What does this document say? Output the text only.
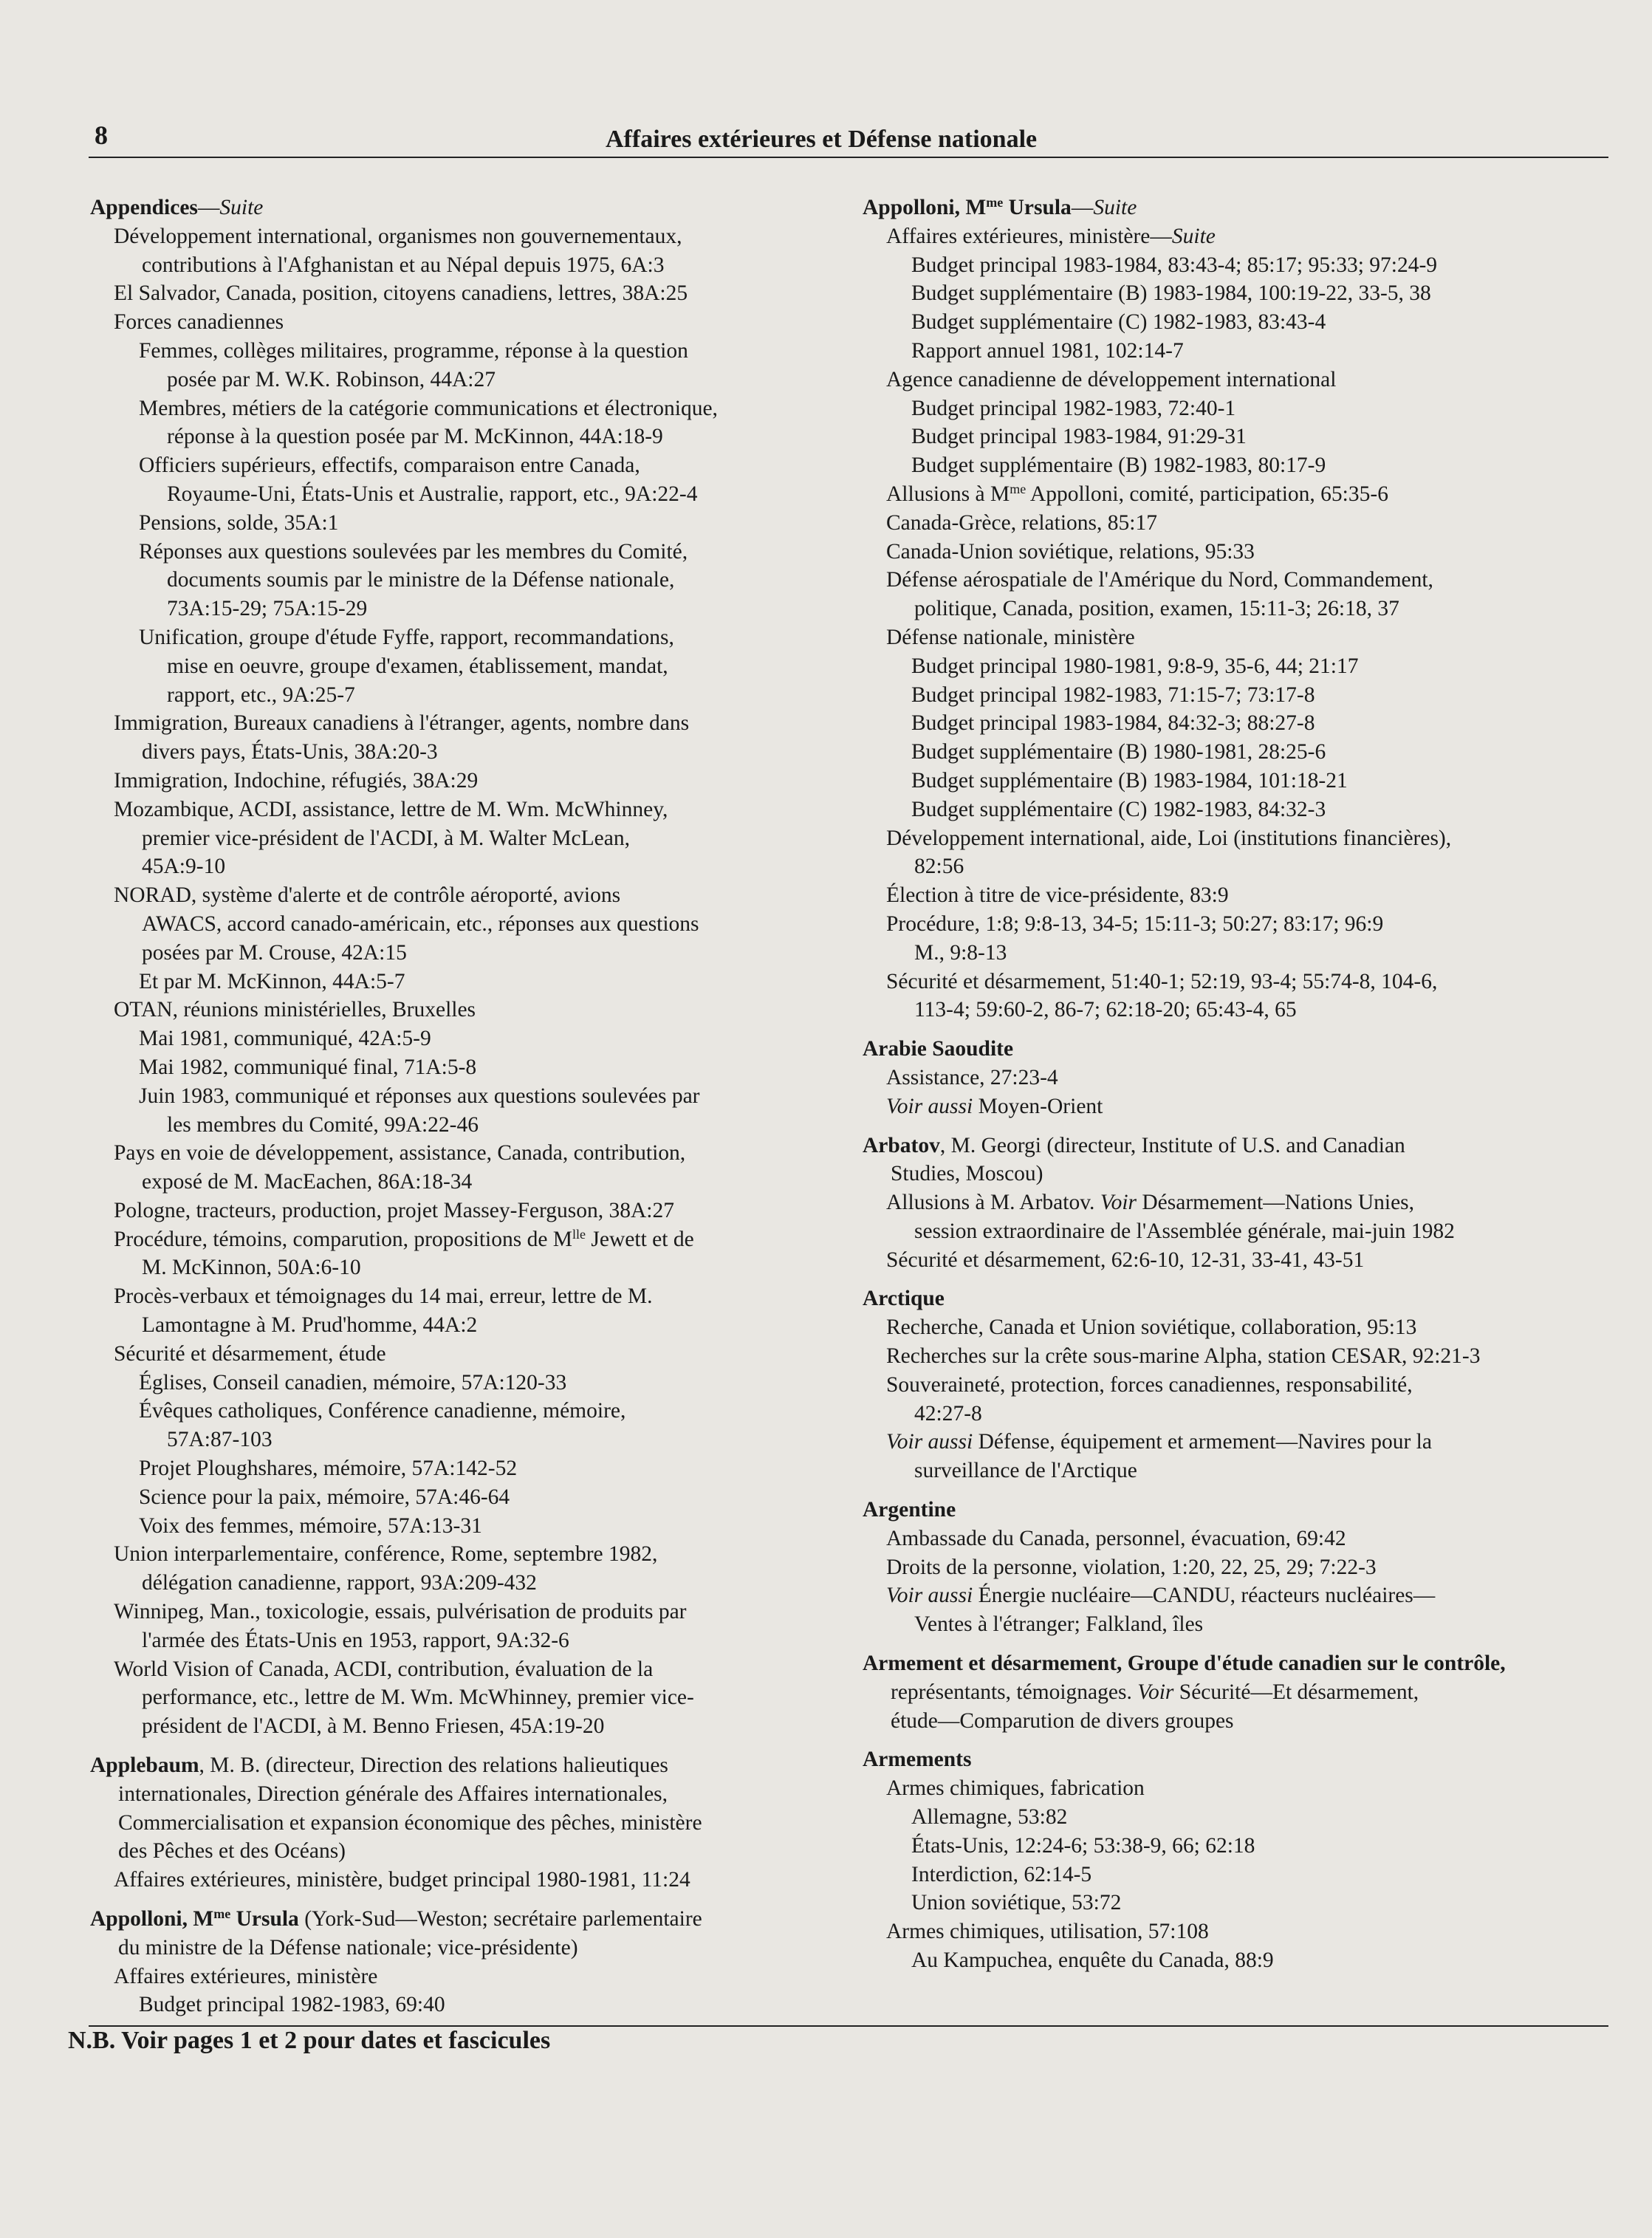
8	Affaires extérieures et Défense nationale
Appendices—Suite
Développement international, organismes non gouvernementaux,
contributions à l'Afghanistan et au Népal depuis 1975, 6A:3
El Salvador, Canada, position, citoyens canadiens, lettres, 38A:25
Forces canadiennes
Femmes, collèges militaires, programme, réponse à la question
posée par M. W.K. Robinson, 44A:27
Membres, métiers de la catégorie communications et électronique,
réponse à la question posée par M. McKinnon, 44A:18-9
Officiers supérieurs, effectifs, comparaison entre Canada,
Royaume-Uni, États-Unis et Australie, rapport, etc., 9A:22-4
Pensions, solde, 35A:1
Réponses aux questions soulevées par les membres du Comité,
documents soumis par le ministre de la Défense nationale,
73A:15-29; 75A:15-29
Unification, groupe d'étude Fyffe, rapport, recommandations,
mise en oeuvre, groupe d'examen, établissement, mandat,
rapport, etc., 9A:25-7
Immigration, Bureaux canadiens à l'étranger, agents, nombre dans
divers pays, États-Unis, 38A:20-3
Immigration, Indochine, réfugiés, 38A:29
Mozambique, ACDI, assistance, lettre de M. Wm. McWhinney,
premier vice-président de l'ACDI, à M. Walter McLean,
45A:9-10
NORAD, système d'alerte et de contrôle aéroporté, avions
AWACS, accord canado-américain, etc., réponses aux questions
posées par M. Crouse, 42A:15
Et par M. McKinnon, 44A:5-7
OTAN, réunions ministérielles, Bruxelles
Mai 1981, communiqué, 42A:5-9
Mai 1982, communiqué final, 71A:5-8
Juin 1983, communiqué et réponses aux questions soulevées par
les membres du Comité, 99A:22-46
Pays en voie de développement, assistance, Canada, contribution,
exposé de M. MacEachen, 86A:18-34
Pologne, tracteurs, production, projet Massey-Ferguson, 38A:27
Procédure, témoins, comparution, propositions de $M^{lle}$ Jewett et de
M. McKinnon, 50A:6-10
Procès-verbaux et témoignages du 14 mai, erreur, lettre de M.
Lamontagne à M. Prud'homme, 44A:2
Sécurité et désarmement, étude
Églises, Conseil canadien, mémoire, 57A:120-33
Évêques catholiques, Conférence canadienne, mémoire,
57A:87-103
Projet Ploughshares, mémoire, 57A:142-52
Science pour la paix, mémoire, 57A:46-64
Voix des femmes, mémoire, 57A:13-31
Union interparlementaire, conférence, Rome, septembre 1982,
délégation canadienne, rapport, 93A:209-432
Winnipeg, Man., toxicologie, essais, pulvérisation de produits par
l'armée des États-Unis en 1953, rapport, 9A:32-6
World Vision of Canada, ACDI, contribution, évaluation de la
performance, etc., lettre de M. Wm. McWhinney, premier vice-
président de l'ACDI, à M. Benno Friesen, 45A:19-20
Applebaum, M. B. (directeur, Direction des relations halieutiques
internationales, Direction générale des Affaires internationales,
Commercialisation et expansion économique des pêches, ministère
des Pêches et des Océans)
Affaires extérieures, ministère, budget principal 1980-1981, 11:24
Appolloni, $M^{me}$ Ursula (York-Sud—Weston; secrétaire parlementaire
du ministre de la Défense nationale; vice-présidente)
Affaires extérieures, ministère
Budget principal 1982-1983, 69:40
Appolloni, $M^{me}$ Ursula—Suite
Affaires extérieures, ministère—Suite
Budget principal 1983-1984, 83:43-4; 85:17; 95:33; 97:24-9
Budget supplémentaire (B) 1983-1984, 100:19-22, 33-5, 38
Budget supplémentaire (C) 1982-1983, 83:43-4
Rapport annuel 1981, 102:14-7
Agence canadienne de développement international
Budget principal 1982-1983, 72:40-1
Budget principal 1983-1984, 91:29-31
Budget supplémentaire (B) 1982-1983, 80:17-9
Allusions à $M^{me}$ Appolloni, comité, participation, 65:35-6
Canada-Grèce, relations, 85:17
Canada-Union soviétique, relations, 95:33
Défense aérospatiale de l'Amérique du Nord, Commandement,
politique, Canada, position, examen, 15:11-3; 26:18, 37
Défense nationale, ministère
Budget principal 1980-1981, 9:8-9, 35-6, 44; 21:17
Budget principal 1982-1983, 71:15-7; 73:17-8
Budget principal 1983-1984, 84:32-3; 88:27-8
Budget supplémentaire (B) 1980-1981, 28:25-6
Budget supplémentaire (B) 1983-1984, 101:18-21
Budget supplémentaire (C) 1982-1983, 84:32-3
Développement international, aide, Loi (institutions financières),
82:56
Élection à titre de vice-présidente, 83:9
Procédure, 1:8; 9:8-13, 34-5; 15:11-3; 50:27; 83:17; 96:9
M., 9:8-13
Sécurité et désarmement, 51:40-1; 52:19, 93-4; 55:74-8, 104-6,
113-4; 59:60-2, 86-7; 62:18-20; 65:43-4, 65
Arabie Saoudite
Assistance, 27:23-4
Voir aussi Moyen-Orient
Arbatov, M. Georgi (directeur, Institute of U.S. and Canadian
Studies, Moscou)
Allusions à M. Arbatov. Voir Désarmement—Nations Unies,
session extraordinaire de l'Assemblée générale, mai-juin 1982
Sécurité et désarmement, 62:6-10, 12-31, 33-41, 43-51
Arctique
Recherche, Canada et Union soviétique, collaboration, 95:13
Recherches sur la crête sous-marine Alpha, station CESAR, 92:21-3
Souveraineté, protection, forces canadiennes, responsabilité,
42:27-8
Voir aussi Défense, équipement et armement—Navires pour la
surveillance de l'Arctique
Argentine
Ambassade du Canada, personnel, évacuation, 69:42
Droits de la personne, violation, 1:20, 22, 25, 29; 7:22-3
Voir aussi Énergie nucléaire—CANDU, réacteurs nucléaires—
Ventes à l'étranger; Falkland, îles
Armement et désarmement, Groupe d'étude canadien sur le contrôle,
représentants, témoignages. Voir Sécurité—Et désarmement,
étude—Comparution de divers groupes
Armements
Armes chimiques, fabrication
Allemagne, 53:82
États-Unis, 12:24-6; 53:38-9, 66; 62:18
Interdiction, 62:14-5
Union soviétique, 53:72
Armes chimiques, utilisation, 57:108
Au Kampuchea, enquête du Canada, 88:9
N.B. Voir pages 1 et 2 pour dates et fascicules
